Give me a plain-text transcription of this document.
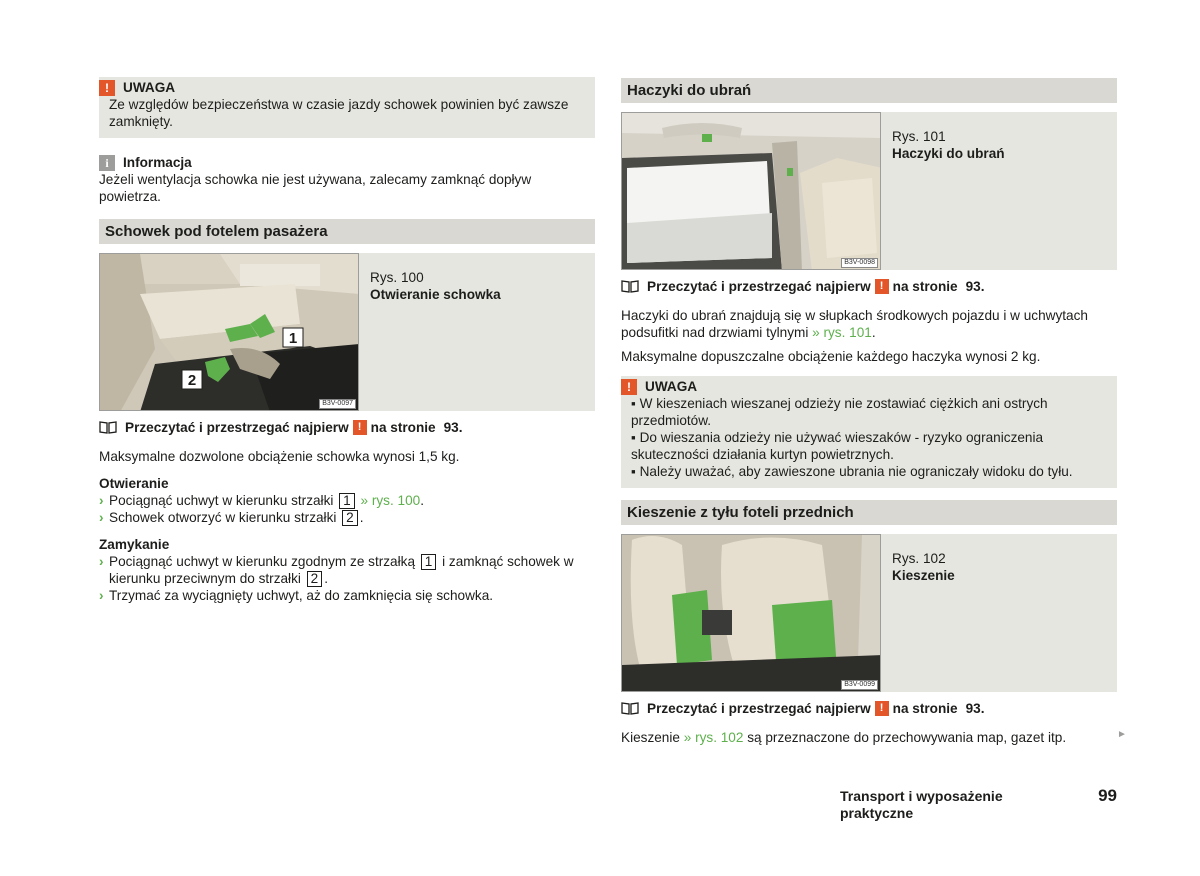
!	UWAGA
Ze względów bezpieczeństwa w czasie jazdy schowek powinien być zawsze zamknięty.
i	Informacja
Jeżeli wentylacja schowka nie jest używana, zalecamy zamknąć dopływ powietrza.
Schowek pod fotelem pasażera
1
2
B3V-0097
Rys. 100
Otwieranie schowka
Przeczytać i przestrzegać najpierw ! na stronie 93.
Maksymalne dozwolone obciążenie schowka wynosi 1,5 kg.
Otwieranie
› Pociągnąć uchwyt w kierunku strzałki 1 » rys. 100.
› Schowek otworzyć w kierunku strzałki 2 .
Zamykanie
› Pociągnąć uchwyt w kierunku zgodnym ze strzałką 1 i zamknąć schowek w kierunku przeciwnym do strzałki 2 .
› Trzymać za wyciągnięty uchwyt, aż do zamknięcia się schowka.
Haczyki do ubrań
B3V-0098
Rys. 101
Haczyki do ubrań
Przeczytać i przestrzegać najpierw ! na stronie 93.
Haczyki do ubrań znajdują się w słupkach środkowych pojazdu i w uchwytach podsufitki nad drzwiami tylnymi » rys. 101.
Maksymalne dopuszczalne obciążenie każdego haczyka wynosi 2 kg.
!	UWAGA
▪ W kieszeniach wieszanej odzieży nie zostawiać ciężkich ani ostrych przedmiotów.
▪ Do wieszania odzieży nie używać wieszaków - ryzyko ograniczenia skuteczności działania kurtyn powietrznych.
▪ Należy uważać, aby zawieszone ubrania nie ograniczały widoku do tyłu.
Kieszenie z tyłu foteli przednich
B3V-0099
Rys. 102
Kieszenie
Przeczytać i przestrzegać najpierw ! na stronie 93.
Kieszenie » rys. 102 są przeznaczone do przechowywania map, gazet itp.	►
Transport i wyposażenie praktyczne
99
